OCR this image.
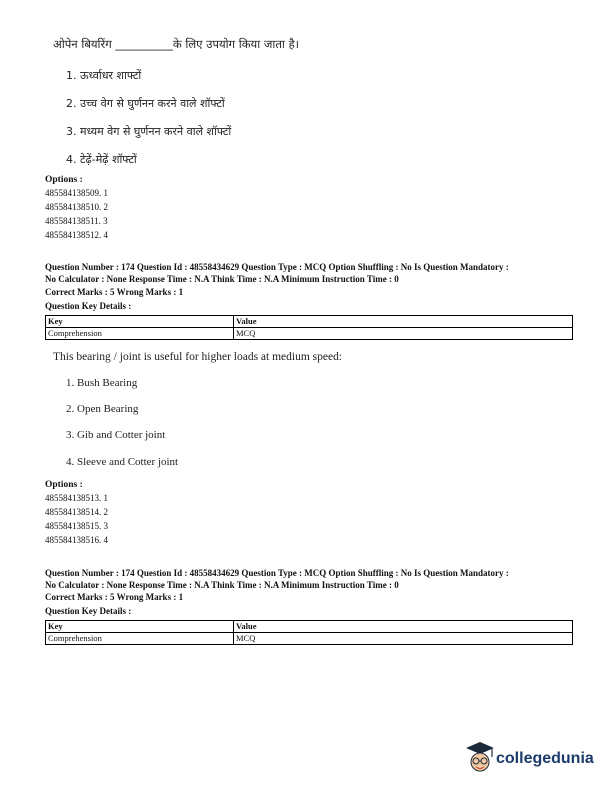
ओपेन बियरिंग __________के लिए उपयोग किया जाता है।
1. ऊर्ध्वाधर शाफ्टों
2. उच्च वेग से घुर्णनन करने वाले शॉफ्टों
3. मध्यम वेग से घुर्णनन करने वाले शॉफ्टों
4. टेढ़ें-मेढ़ें शॉफ्टों
Options :
485584138509. 1
485584138510. 2
485584138511. 3
485584138512. 4
Question Number : 174 Question Id : 48558434629 Question Type : MCQ Option Shuffling : No Is Question Mandatory :
No Calculator : None Response Time : N.A Think Time : N.A Minimum Instruction Time : 0
Correct Marks : 5 Wrong Marks : 1
Question Key Details :
Key	Value
Comprehension	MCQ
This bearing / joint is useful for higher loads at medium speed:
1. Bush Bearing
2. Open Bearing
3. Gib and Cotter joint
4. Sleeve and Cotter joint
Options :
485584138513. 1
485584138514. 2
485584138515. 3
485584138516. 4
Question Number : 174 Question Id : 48558434629 Question Type : MCQ Option Shuffling : No Is Question Mandatory :
No Calculator : None Response Time : N.A Think Time : N.A Minimum Instruction Time : 0
Correct Marks : 5 Wrong Marks : 1
Question Key Details :
Key	Value
Comprehension	MCQ
collegedunia
